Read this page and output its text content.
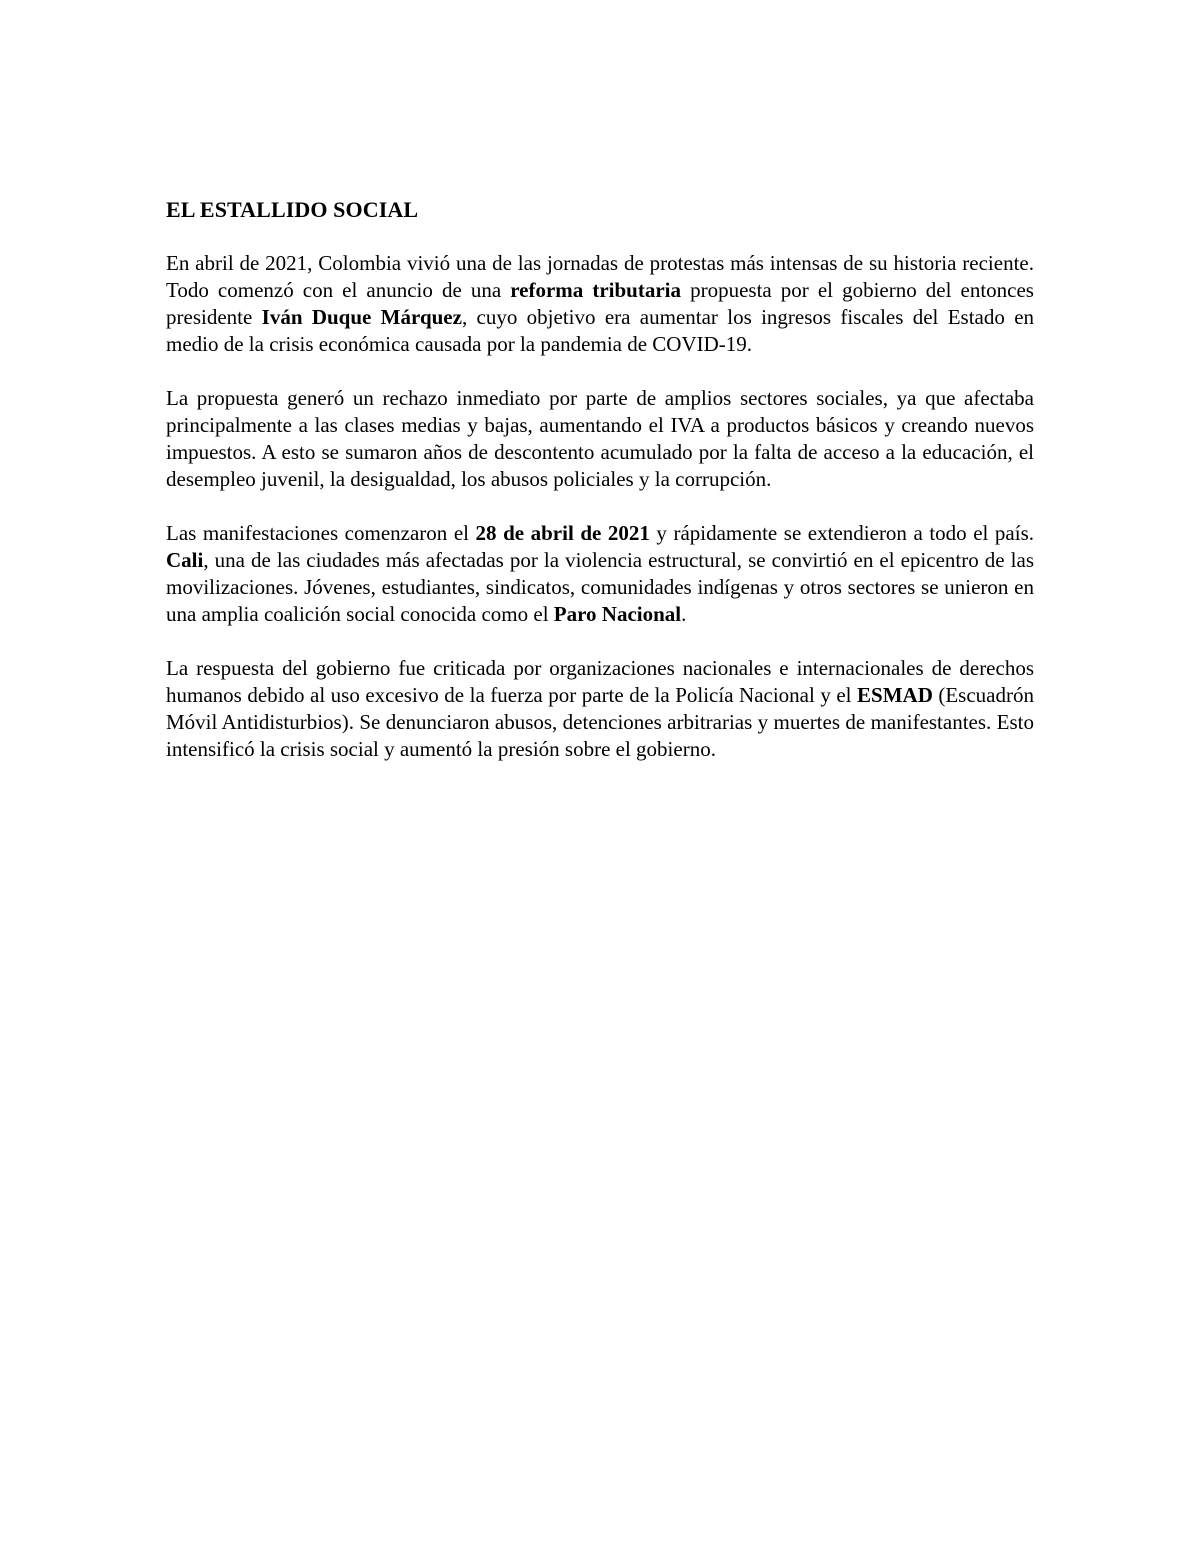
EL ESTALLIDO SOCIAL

En abril de 2021, Colombia vivió una de las jornadas de protestas más intensas de su historia reciente. Todo comenzó con el anuncio de una reforma tributaria propuesta por el gobierno del entonces presidente Iván Duque Márquez, cuyo objetivo era aumentar los ingresos fiscales del Estado en medio de la crisis económica causada por la pandemia de COVID-19.

La propuesta generó un rechazo inmediato por parte de amplios sectores sociales, ya que afectaba principalmente a las clases medias y bajas, aumentando el IVA a productos básicos y creando nuevos impuestos. A esto se sumaron años de descontento acumulado por la falta de acceso a la educación, el desempleo juvenil, la desigualdad, los abusos policiales y la corrupción.

Las manifestaciones comenzaron el 28 de abril de 2021 y rápidamente se extendieron a todo el país. Cali, una de las ciudades más afectadas por la violencia estructural, se convirtió en el epicentro de las movilizaciones. Jóvenes, estudiantes, sindicatos, comunidades indígenas y otros sectores se unieron en una amplia coalición social conocida como el Paro Nacional.

La respuesta del gobierno fue criticada por organizaciones nacionales e internacionales de derechos humanos debido al uso excesivo de la fuerza por parte de la Policía Nacional y el ESMAD (Escuadrón Móvil Antidisturbios). Se denunciaron abusos, detenciones arbitrarias y muertes de manifestantes. Esto intensificó la crisis social y aumentó la presión sobre el gobierno.
